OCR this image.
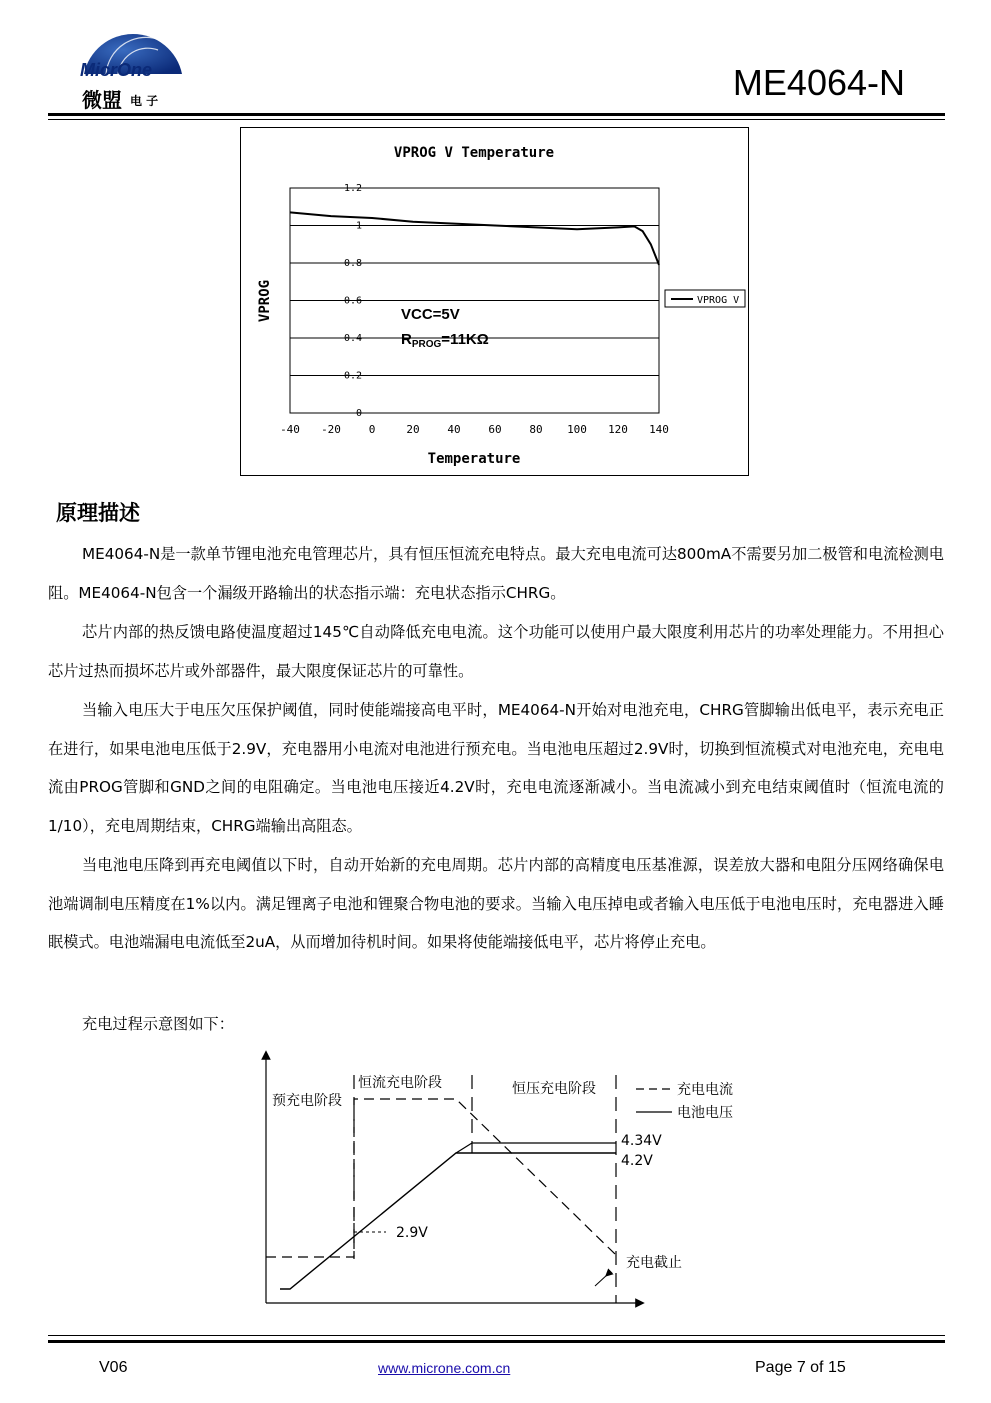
MicrOne
微盟 电 子	ME4064-N
VPROG V Temperature
0
0.2
0.4
0.6
0.8
1
1.2
-40 -20	0	20	40	60	80 100 120 140
VPROG
Temperature
VCC=5V
$R_{PROG}=11K\Omega$
VPROG V
原理描述

ME4064-N是一款单节锂电池充电管理芯片，具有恒压恒流充电特点。最大充电电流可达800mA不需要另加二极管和电流检测电阻。ME4064-N包含一个漏级开路输出的状态指示端：充电状态指示CHRG。

芯片内部的热反馈电路使温度超过145℃自动降低充电电流。这个功能可以使用户最大限度利用芯片的功率处理能力。不用担心芯片过热而损坏芯片或外部器件，最大限度保证芯片的可靠性。

当输入电压大于电压欠压保护阈值，同时使能端接高电平时，ME4064-N开始对电池充电，CHRG管脚输出低电平，表示充电正在进行，如果电池电压低于2.9V，充电器用小电流对电池进行预充电。当电池电压超过2.9V时，切换到恒流模式对电池充电，充电电流由PROG管脚和GND之间的电阻确定。当电池电压接近4.2V时，充电电流逐渐减小。当电流减小到充电结束阈值时（恒流电流的1/10），充电周期结束，CHRG端输出高阻态。

当电池电压降到再充电阈值以下时，自动开始新的充电周期。芯片内部的高精度电压基准源，误差放大器和电阻分压网络确保电池端调制电压精度在1%以内。满足锂离子电池和锂聚合物电池的要求。当输入电压掉电或者输入电压低于电池电压时，充电器进入睡眠模式。电池端漏电电流低至2uA，从而增加待机时间。如果将使能端接低电平，芯片将停止充电。

充电过程示意图如下：
恒流充电阶段
预充电阶段
恒压充电阶段	充电电流
电池电压
4.34V
4.2V
2.9V
充电截止
V06	www.microne.com.cn	Page 7 of 15
